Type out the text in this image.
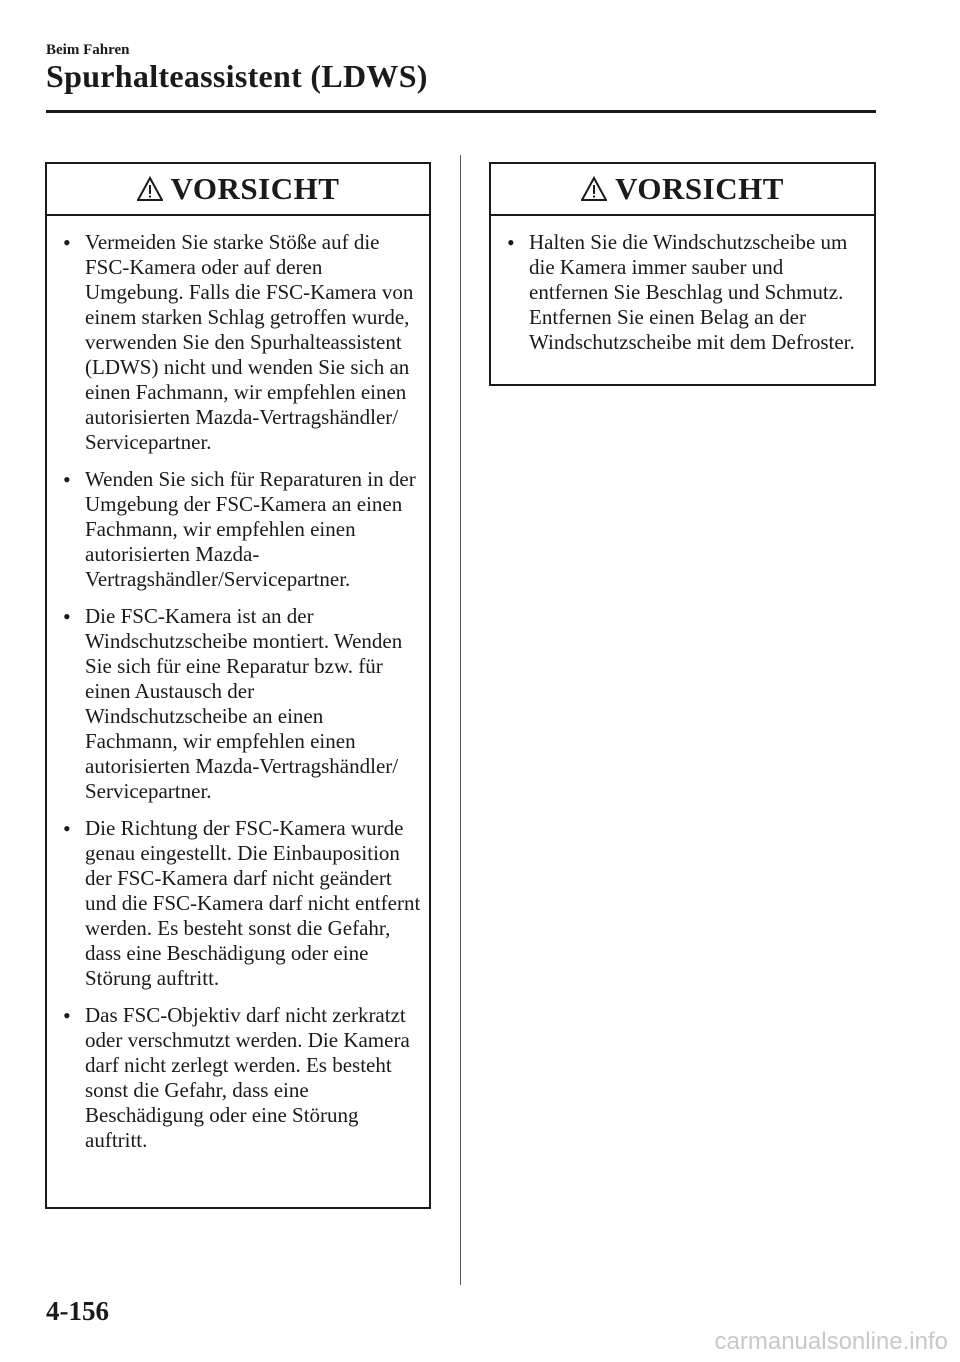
Beim Fahren
Spurhalteassistent (LDWS)
VORSICHT
• Vermeiden Sie starke Stöße auf die FSC-Kamera oder auf deren Umgebung. Falls die FSC-Kamera von einem starken Schlag getroffen wurde, verwenden Sie den Spurhalteassistent (LDWS) nicht und wenden Sie sich an einen Fachmann, wir empfehlen einen autorisierten Mazda-Vertragshändler/ Servicepartner.
• Wenden Sie sich für Reparaturen in der Umgebung der FSC-Kamera an einen Fachmann, wir empfehlen einen autorisierten Mazda-Vertragshändler/Servicepartner.
• Die FSC-Kamera ist an der Windschutzscheibe montiert. Wenden Sie sich für eine Reparatur bzw. für einen Austausch der Windschutzscheibe an einen Fachmann, wir empfehlen einen autorisierten Mazda-Vertragshändler/ Servicepartner.
• Die Richtung der FSC-Kamera wurde genau eingestellt. Die Einbauposition der FSC-Kamera darf nicht geändert und die FSC-Kamera darf nicht entfernt werden. Es besteht sonst die Gefahr, dass eine Beschädigung oder eine Störung auftritt.
• Das FSC-Objektiv darf nicht zerkratzt oder verschmutzt werden. Die Kamera darf nicht zerlegt werden. Es besteht sonst die Gefahr, dass eine Beschädigung oder eine Störung auftritt.
VORSICHT
• Halten Sie die Windschutzscheibe um die Kamera immer sauber und entfernen Sie Beschlag und Schmutz. Entfernen Sie einen Belag an der Windschutzscheibe mit dem Defroster.
4-156
carmanualsonline.info
